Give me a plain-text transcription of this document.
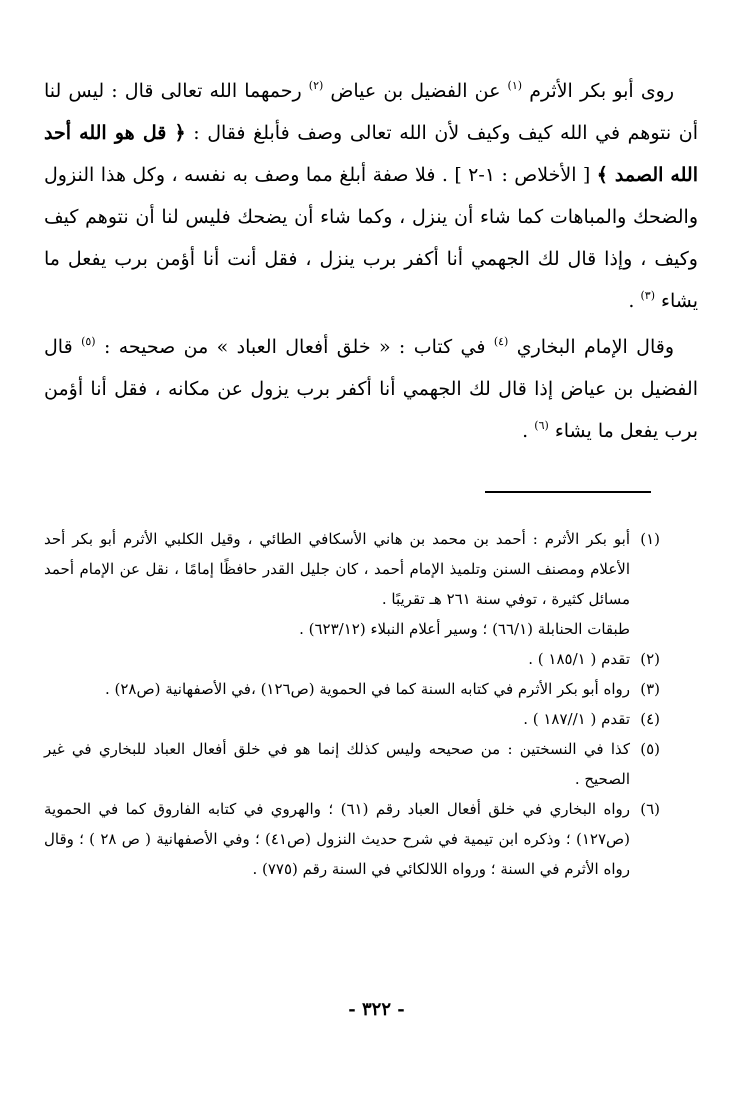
روى أبو بكر الأثرم $^{(١)}$ عن الفضيل بن عياض $^{(٢)}$ رحمهما الله تعالى قال : ليس لنا أن نتوهم في الله كيف وكيف لأن الله تعالى وصف فأبلغ فقال : ﴿ قل هو الله أحد الله الصمد ﴾ [ الأخلاص : ١-٢ ] . فلا صفة أبلغ مما وصف به نفسه ، وكل هذا النزول والضحك والمباهات كما شاء أن ينزل ، وكما شاء أن يضحك فليس لنا أن نتوهم كيف وكيف ، وإذا قال لك الجهمي أنا أكفر برب ينزل ، فقل أنت أنا أؤمن برب يفعل ما يشاء $^{(٣)}$ .

وقال الإمام البخاري $^{(٤)}$ في كتاب : « خلق أفعال العباد » من صحيحه : $^{(٥)}$ قال الفضيل بن عياض إذا قال لك الجهمي أنا أكفر برب يزول عن مكانه ، فقل أنا أؤمن برب يفعل ما يشاء $^{(٦)}$ .

(١)
أبو بكر الأثرم : أحمد بن محمد بن هاني الأسكافي الطائي ، وقيل الكلبي الأثرم أبو بكر أحد الأعلام ومصنف السنن وتلميذ الإمام أحمد ، كان جليل القدر حافظًا إمامًا ، نقل عن الإمام أحمد مسائل كثيرة ، توفي سنة ٢٦١ هـ تقريبًا .
طبقات الحنابلة (٦٦/١) ؛ وسير أعلام النبلاء (٦٢٣/١٢) .
(٢)
تقدم ( ١٨٥/١ ) .
(٣)
رواه أبو بكر الأثرم في كتابه السنة كما في الحموية (ص١٢٦) ،في الأصفهانية (ص٢٨) .
(٤)
تقدم ( ١//١٨٧ ) .
(٥)
كذا في النسختين : من صحيحه وليس كذلك إنما هو في خلق أفعال العباد للبخاري في غير الصحيح .
(٦)
رواه البخاري في خلق أفعال العباد رقم (٦١) ؛ والهروي في كتابه الفاروق كما في الحموية (ص١٢٧) ؛ وذكره ابن تيمية في شرح حديث النزول (ص٤١) ؛ وفي الأصفهانية ( ص ٢٨ ) ؛ وقال رواه الأثرم في السنة ؛ ورواه اللالكائي في السنة رقم (٧٧٥) .
- ٣٢٢ -
